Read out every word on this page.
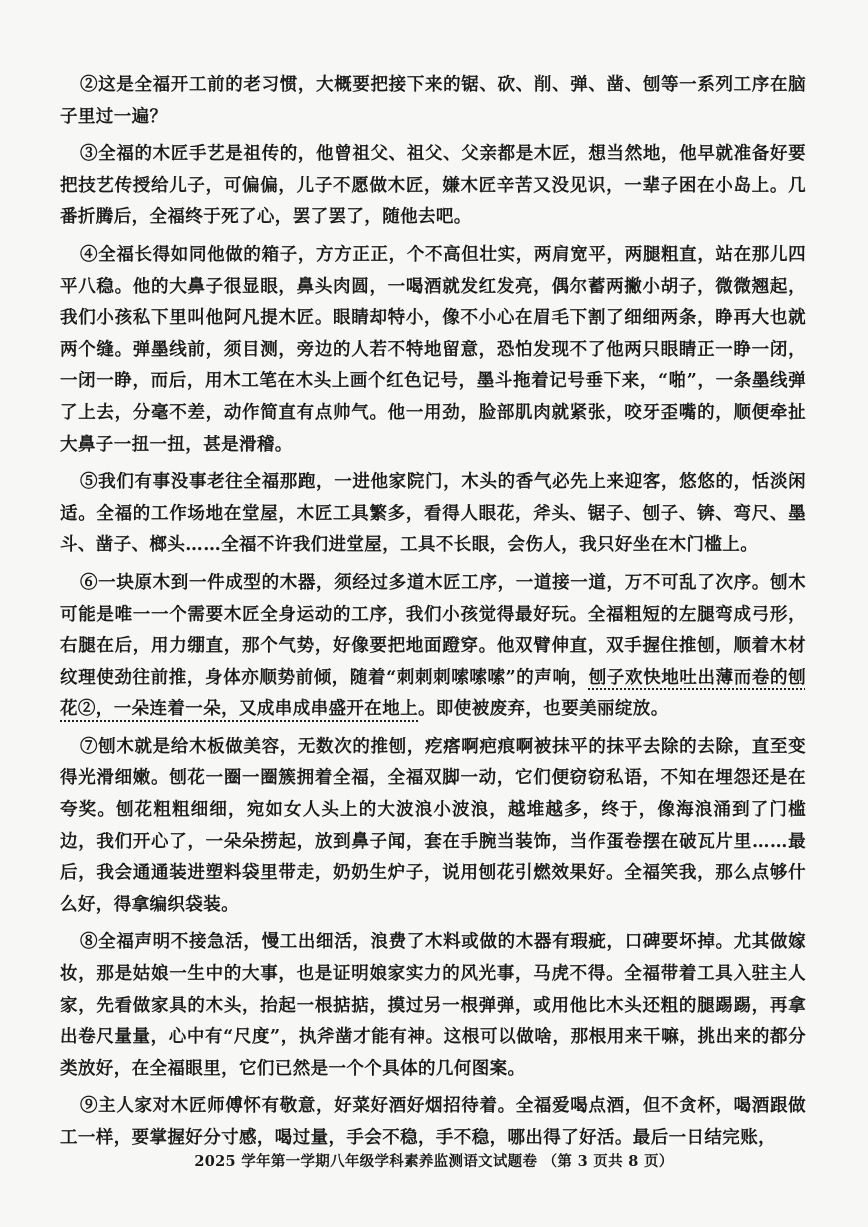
②这是全福开工前的老习惯，大概要把接下来的锯、砍、削、弹、凿、刨等一系列工序在脑子里过一遍？

③全福的木匠手艺是祖传的，他曾祖父、祖父、父亲都是木匠，想当然地，他早就准备好要把技艺传授给儿子，可偏偏，儿子不愿做木匠，嫌木匠辛苦又没见识，一辈子困在小岛上。几番折腾后，全福终于死了心，罢了罢了，随他去吧。

④全福长得如同他做的箱子，方方正正，个不高但壮实，两肩宽平，两腿粗直，站在那儿四平八稳。他的大鼻子很显眼，鼻头肉圆，一喝酒就发红发亮，偶尔蓄两撇小胡子，微微翘起，我们小孩私下里叫他阿凡提木匠。眼睛却特小，像不小心在眉毛下割了细细两条，睁再大也就两个缝。弹墨线前，须目测，旁边的人若不特地留意，恐怕发现不了他两只眼睛正一睁一闭，一闭一睁，而后，用木工笔在木头上画个红色记号，墨斗拖着记号垂下来，“啪”，一条墨线弹了上去，分毫不差，动作简直有点帅气。他一用劲，脸部肌肉就紧张，咬牙歪嘴的，顺便牵扯大鼻子一扭一扭，甚是滑稽。

⑤我们有事没事老往全福那跑，一进他家院门，木头的香气必先上来迎客，悠悠的，恬淡闲适。全福的工作场地在堂屋，木匠工具繁多，看得人眼花，斧头、锯子、刨子、锛、弯尺、墨斗、凿子、榔头……全福不许我们进堂屋，工具不长眼，会伤人，我只好坐在木门槛上。

⑥一块原木到一件成型的木器，须经过多道木匠工序，一道接一道，万不可乱了次序。刨木可能是唯一一个需要木匠全身运动的工序，我们小孩觉得最好玩。全福粗短的左腿弯成弓形，右腿在后，用力绷直，那个气势，好像要把地面蹬穿。他双臂伸直，双手握住推刨，顺着木材纹理使劲往前推，身体亦顺势前倾，随着“刺刺刺嗦嗦嗦”的声响，刨子欢快地吐出薄而卷的刨花②，一朵连着一朵，又成串成串盛开在地上。即使被废弃，也要美丽绽放。

⑦刨木就是给木板做美容，无数次的推刨，疙瘩啊疤痕啊被抹平的抹平去除的去除，直至变得光滑细嫩。刨花一圈一圈簇拥着全福，全福双脚一动，它们便窃窃私语，不知在埋怨还是在夸奖。刨花粗粗细细，宛如女人头上的大波浪小波浪，越堆越多，终于，像海浪涌到了门槛边，我们开心了，一朵朵捞起，放到鼻子闻，套在手腕当装饰，当作蛋卷摆在破瓦片里……最后，我会通通装进塑料袋里带走，奶奶生炉子，说用刨花引燃效果好。全福笑我，那么点够什么好，得拿编织袋装。

⑧全福声明不接急活，慢工出细活，浪费了木料或做的木器有瑕疵，口碑要坏掉。尤其做嫁妆，那是姑娘一生中的大事，也是证明娘家实力的风光事，马虎不得。全福带着工具入驻主人家，先看做家具的木头，抬起一根掂掂，摸过另一根弹弹，或用他比木头还粗的腿踢踢，再拿出卷尺量量，心中有“尺度”，执斧凿才能有神。这根可以做啥，那根用来干嘛，挑出来的都分类放好，在全福眼里，它们已然是一个个具体的几何图案。

⑨主人家对木匠师傅怀有敬意，好菜好酒好烟招待着。全福爱喝点酒，但不贪杯，喝酒跟做工一样，要掌握好分寸感，喝过量，手会不稳，手不稳，哪出得了好活。最后一日结完账，

2025 学年第一学期八年级学科素养监测语文试题卷 （第 3 页共 8 页）
